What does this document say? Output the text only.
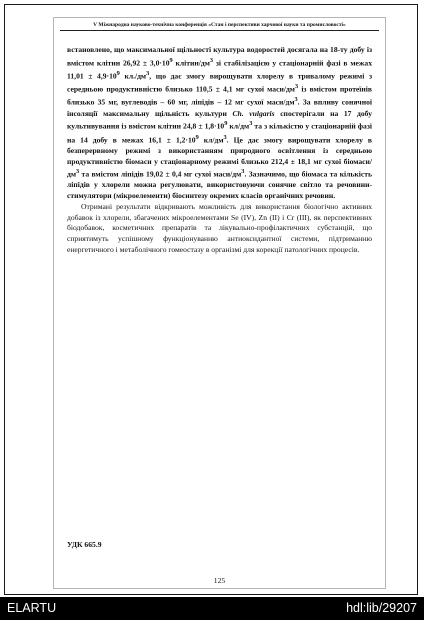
V Міжнародна науково-технічна конференція «Стан і перспективи харчової науки та промисловості»

встановлено, що максимальної щільності культура водоростей досягала на 18-ту добу із вмістом клітин $26,92 \pm 3,0\cdot 10^9$ клітин/$дм^3$ зі стабілізацією у стаціонарній фазі в межах $11,01 \pm 4,9\cdot 10^9$ $кл./дм^3$, що дає змогу вирощувати хлорелу в тривалому режимі з середньою продуктивністю близько 110,5 ± 4,1 мг сухої маси/$дм^3$ із вмістом протеїнів близько 35 мг, вуглеводів – 60 мг, ліпідів – 12 мг сухої маси/$дм^3$. За впливу сонячної інсоляції максимальну щільність культури Ch. vulgaris спостерігали на 17 добу культивування із вмістом клітин $24,8 \pm 1,8\cdot 10^9$ $кл/дм^3$ та з кількістю у стаціонарній фазі на 14 добу в межах $16,1 \pm 1,2\cdot 10^9$ $кл/дм^3$. Це дає змогу вирощувати хлорелу в безперервному режимі з використанням природного освітлення із середньою продуктивністю біомаси у стаціонарному режимі близько 212,4 ± 18,1 мг сухої біомаси/$дм^3$ та вмістом ліпідів 19,02 ± 0,4 мг сухої маси/$дм^3$. Зазначимо, що біомаса та кількість ліпідів у хлорели можна регулювати, використовуючи сонячне світло та речовини-стимулятори (мікроелементи) біосинтезу окремих класів органічних речовин.

Отримані результати відкривають можливість для використання біологічно активних добавок із хлорели, збагачених мікроелементами Se (IV), Zn (II) і Cr (III), як перспективних біодобавок, косметичних препаратів та лікувально-профілактичних субстанцій, що сприятимуть успішному функціонуванню антиоксидантної системи, підтриманню енергетичного і метаболічного гомеостазу в організмі для корекції патологічних процесів.

УДК 665.9
125
ELARTU	hdl:lib/29207
